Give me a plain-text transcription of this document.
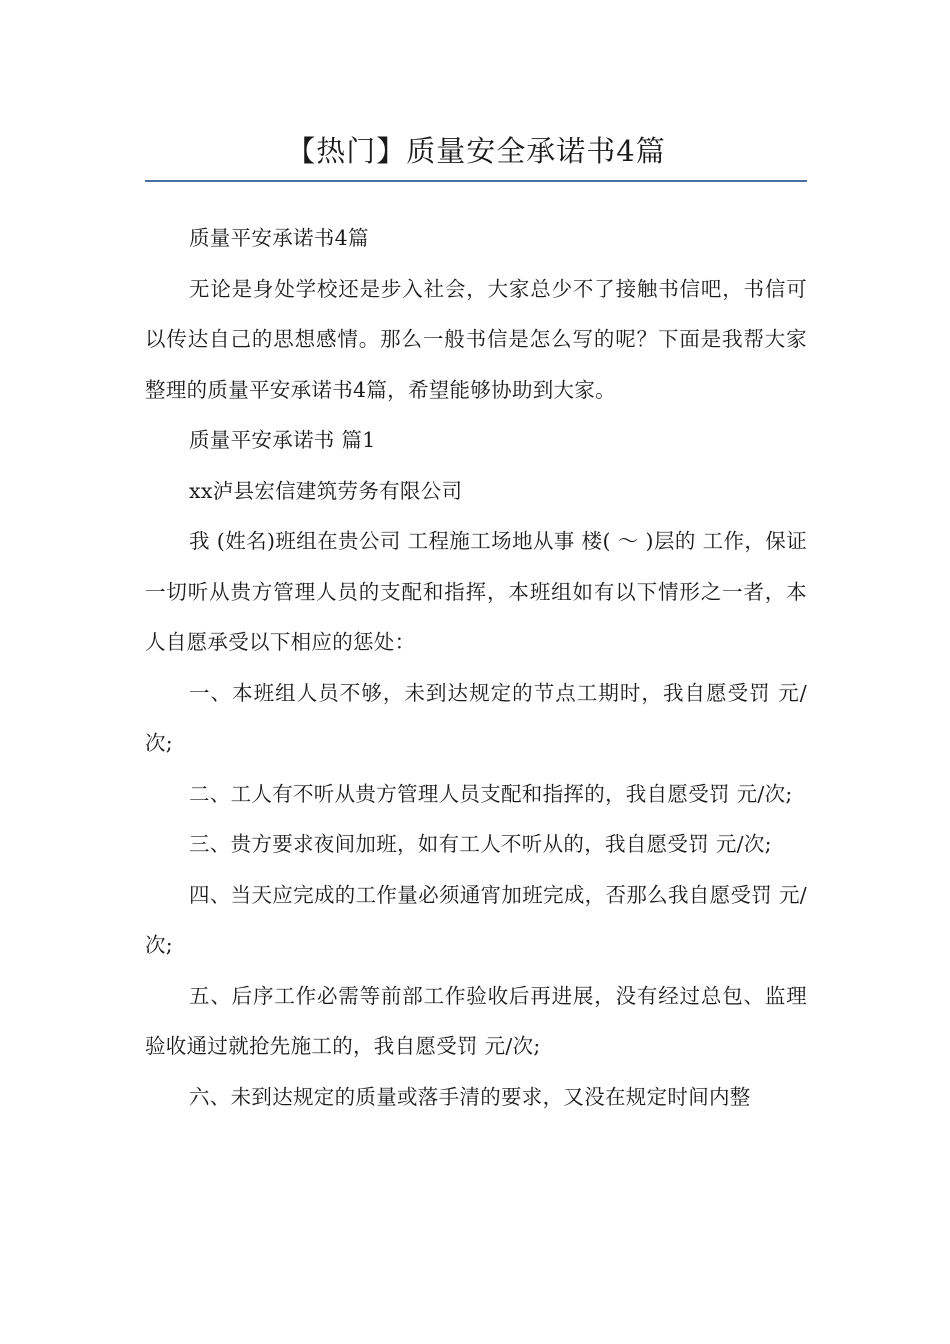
【热门】质量安全承诺书4篇

质量平安承诺书4篇

无论是身处学校还是步入社会，大家总少不了接触书信吧，书信可以传达自己的思想感情。那么一般书信是怎么写的呢？下面是我帮大家整理的质量平安承诺书4篇，希望能够协助到大家。

质量平安承诺书 篇1

xx泸县宏信建筑劳务有限公司

我 (姓名)班组在贵公司 工程施工场地从事 楼( ～ )层的 工作，保证一切听从贵方管理人员的支配和指挥，本班组如有以下情形之一者，本人自愿承受以下相应的惩处：

一、本班组人员不够，未到达规定的节点工期时，我自愿受罚 元/次;

二、工人有不听从贵方管理人员支配和指挥的，我自愿受罚 元/次;

三、贵方要求夜间加班，如有工人不听从的，我自愿受罚 元/次;

四、当天应完成的工作量必须通宵加班完成，否那么我自愿受罚 元/次;

五、后序工作必需等前部工作验收后再进展，没有经过总包、监理验收通过就抢先施工的，我自愿受罚 元/次;

六、未到达规定的质量或落手清的要求，又没在规定时间内整
